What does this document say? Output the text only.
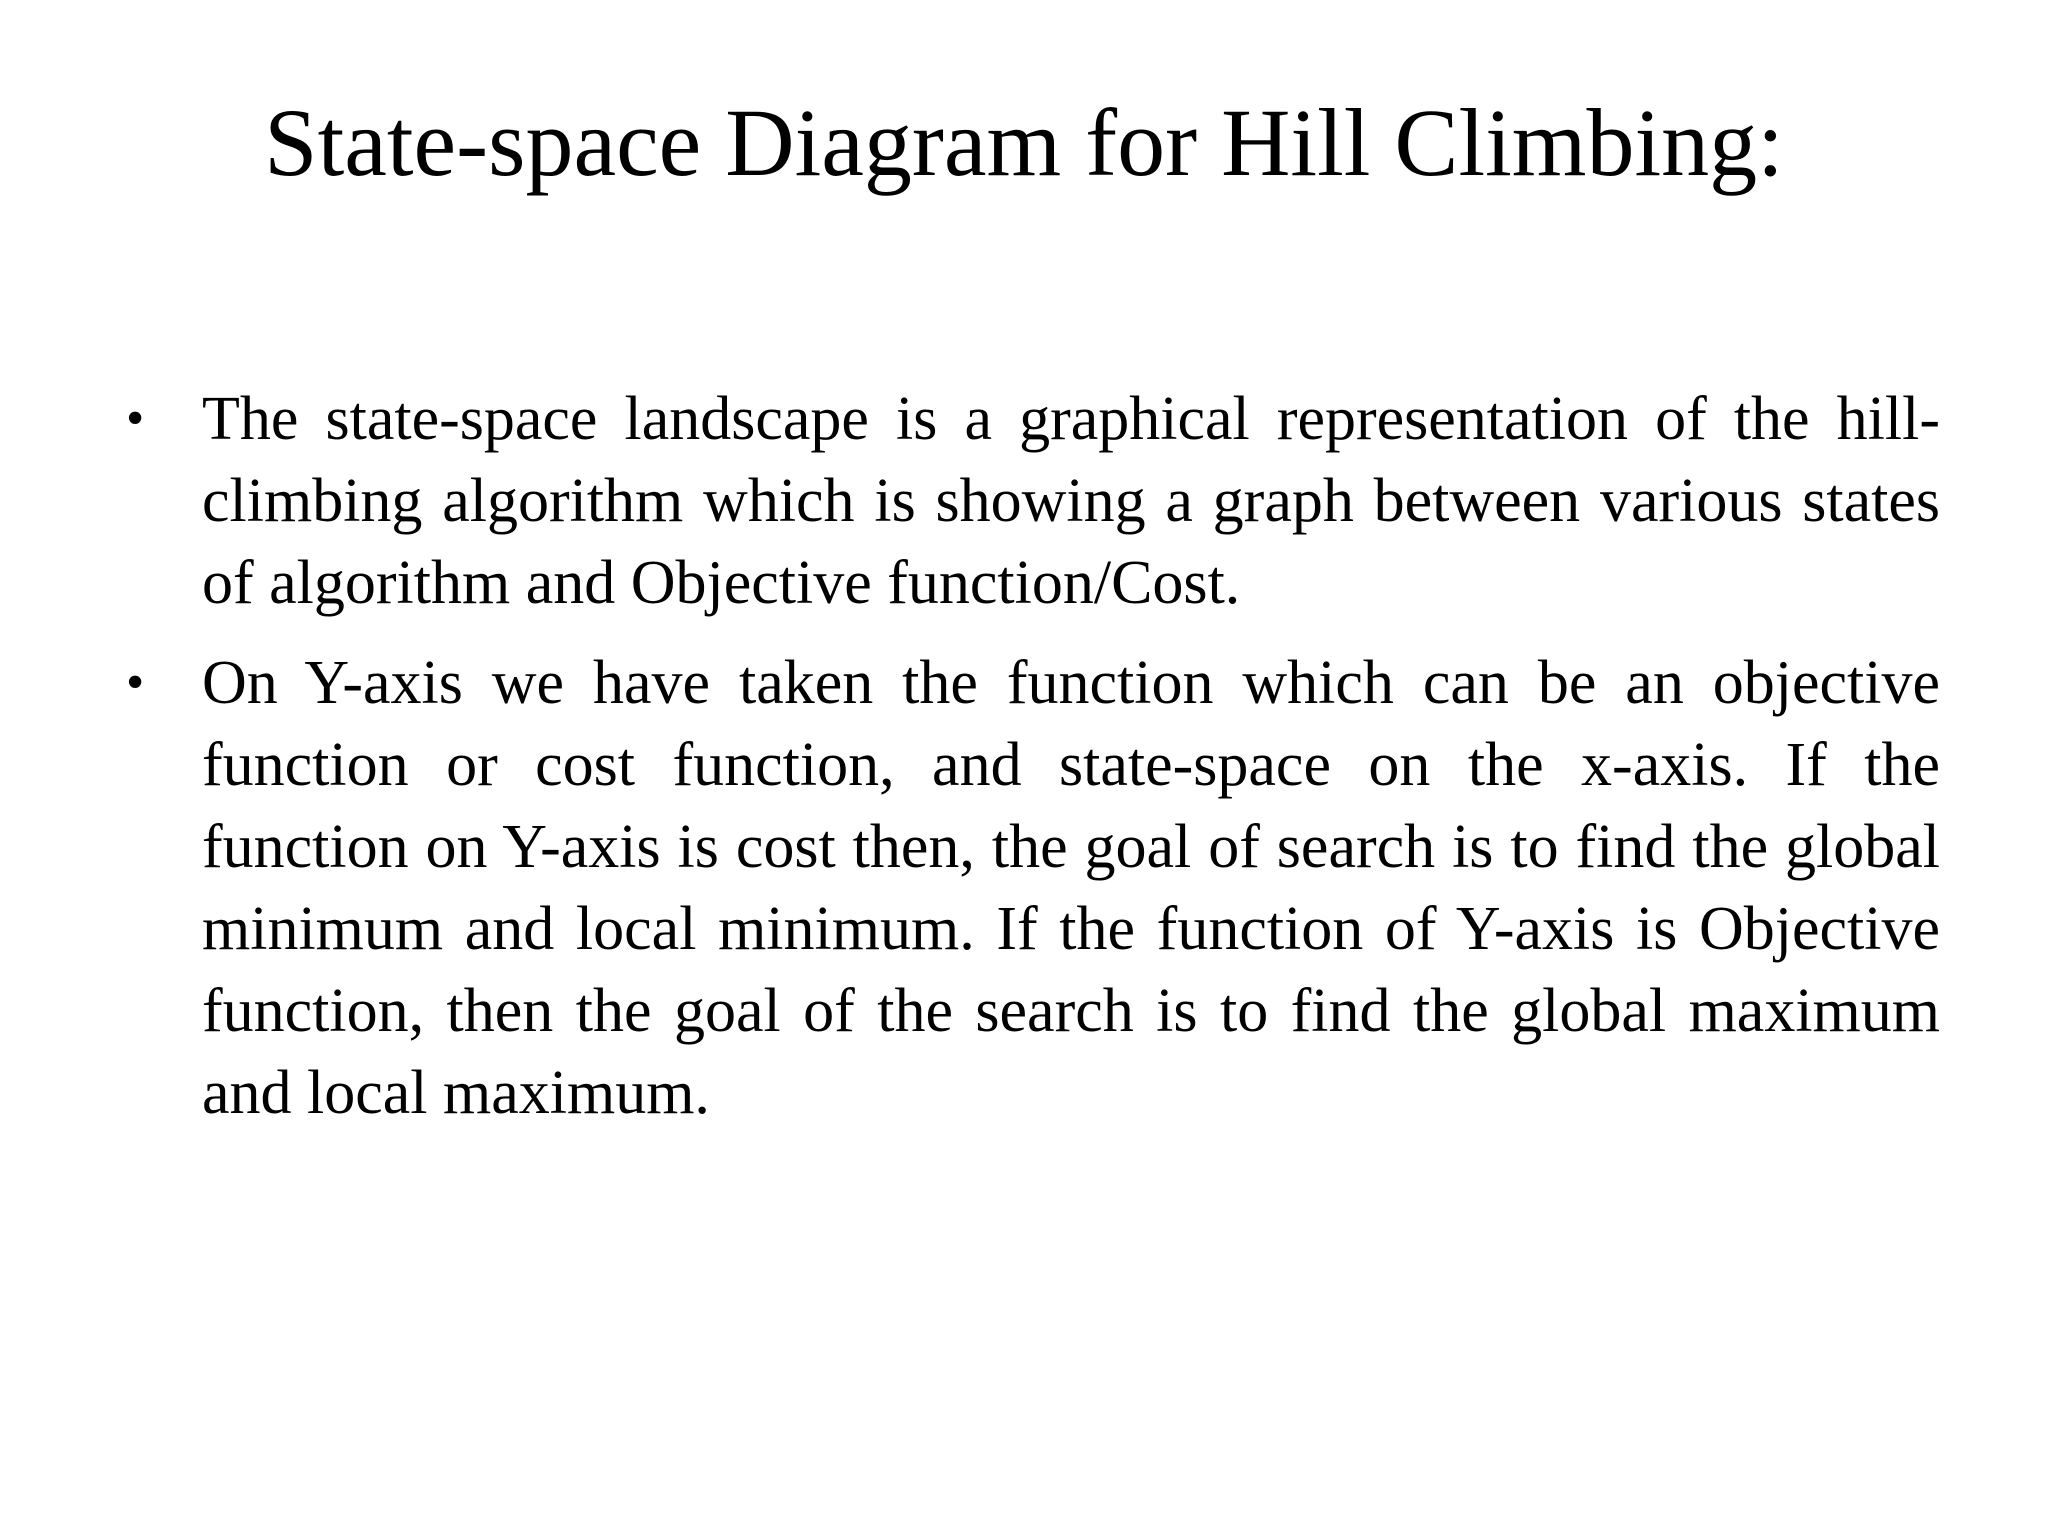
State-space Diagram for Hill Climbing:
• The state-space landscape is a graphical representation of the hill-climbing algorithm which is showing a graph between various states of algorithm and Objective function/Cost.
• On Y-axis we have taken the function which can be an objective function or cost function, and state-space on the x-axis. If the function on Y-axis is cost then, the goal of search is to find the global minimum and local minimum. If the function of Y-axis is Objective function, then the goal of the search is to find the global maximum and local maximum.
